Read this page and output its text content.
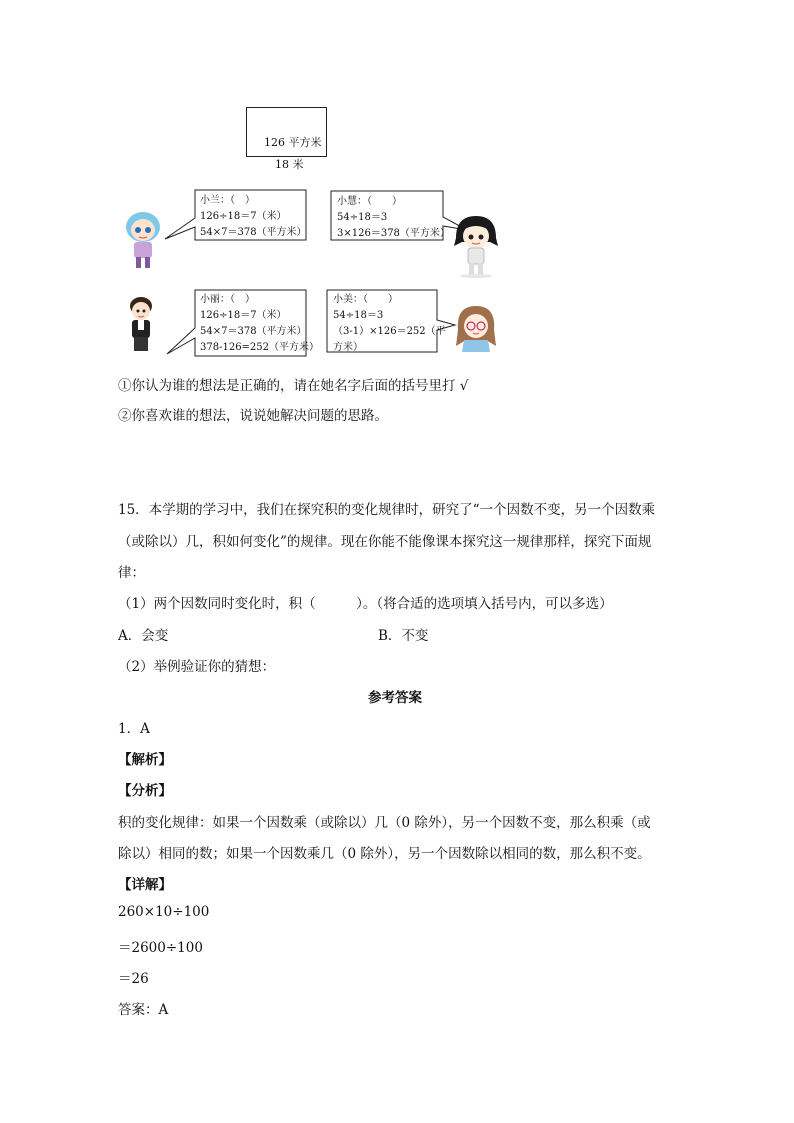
126 平方米
18 米
小兰：（　）
126÷18＝7（米）
54×7＝378（平方米）
小慧：（　　）
54÷18＝3
3×126＝378（平方米）
小丽：（　）
126÷18＝7（米）
54×7＝378（平方米）
378-126=252（平方米）
小美：（　　）
54÷18＝3
（3-1）×126＝252（平
方米）
①你认为谁的想法是正确的，请在她名字后面的括号里打 √
②你喜欢谁的想法，说说她解决问题的思路。
15．本学期的学习中，我们在探究积的变化规律时，研究了“一个因数不变，另一个因数乘
（或除以）几，积如何变化”的规律。现在你能不能像课本探究这一规律那样，探究下面规
律：
（1）两个因数同时变化时，积（　　　）。（将合适的选项填入括号内，可以多选）
A．会变	B．不变
（2）举例验证你的猜想：
参考答案
1．A
【解析】
【分析】
积的变化规律：如果一个因数乘（或除以）几（0 除外），另一个因数不变，那么积乘（或
除以）相同的数；如果一个因数乘几（0 除外），另一个因数除以相同的数，那么积不变。
【详解】
260×10÷100
＝2600÷100
＝26
答案：A
